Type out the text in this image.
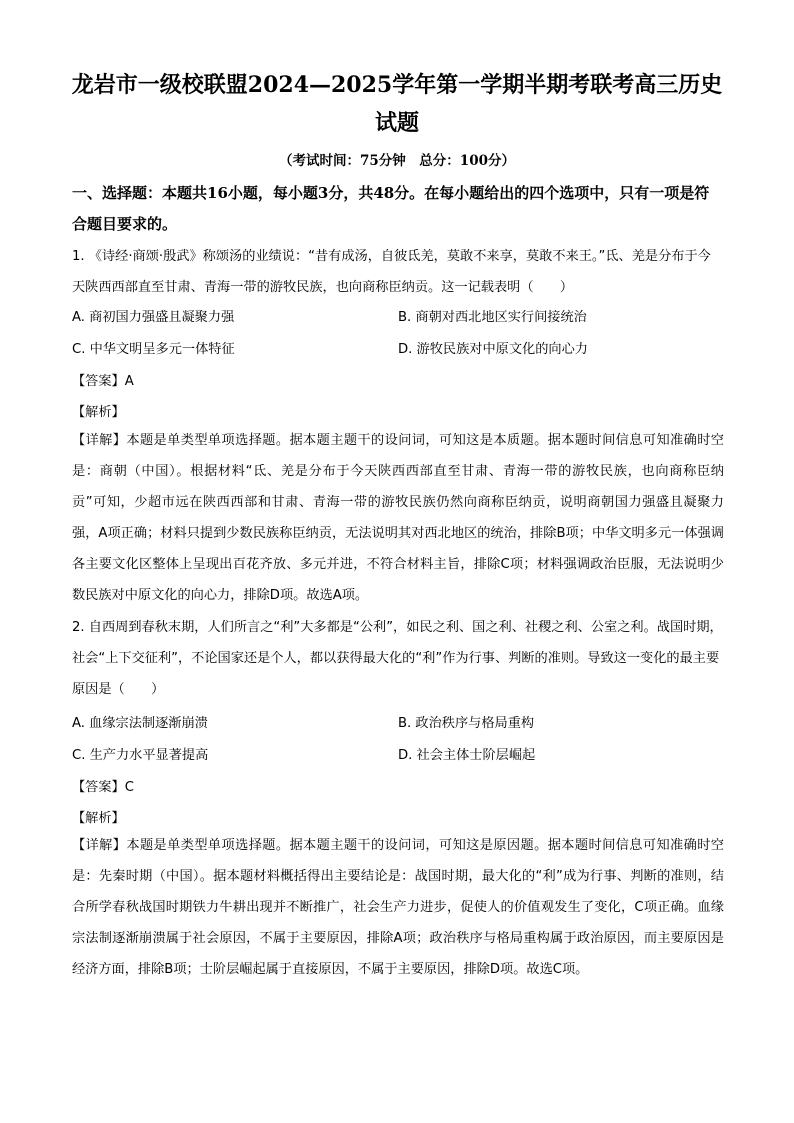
龙岩市一级校联盟2024—2025学年第一学期半期考联考高三历史试题
（考试时间：75分钟　总分：100分）
一、选择题：本题共16小题，每小题3分，共48分。在每小题给出的四个选项中，只有一项是符合题目要求的。
1. 《诗经·商颂·殷武》称颂汤的业绩说：“昔有成汤，自彼氐羌，莫敢不来享，莫敢不来王。”氐、羌是分布于今天陕西西部直至甘肃、青海一带的游牧民族，也向商称臣纳贡。这一记载表明（　　）
A. 商初国力强盛且凝聚力强	B. 商朝对西北地区实行间接统治
C. 中华文明呈多元一体特征	D. 游牧民族对中原文化的向心力
【答案】A
【解析】
【详解】本题是单类型单项选择题。据本题主题干的设问词，可知这是本质题。据本题时间信息可知准确时空是：商朝（中国）。根据材料“氐、羌是分布于今天陕西西部直至甘肃、青海一带的游牧民族，也向商称臣纳贡”可知，少超市远在陕西西部和甘肃、青海一带的游牧民族仍然向商称臣纳贡，说明商朝国力强盛且凝聚力强，A项正确；材料只提到少数民族称臣纳贡，无法说明其对西北地区的统治，排除B项；中华文明多元一体强调各主要文化区整体上呈现出百花齐放、多元并进，不符合材料主旨，排除C项；材料强调政治臣服，无法说明少数民族对中原文化的向心力，排除D项。故选A项。
2. 自西周到春秋末期，人们所言之“利”大多都是“公利”，如民之利、国之利、社稷之利、公室之利。战国时期，社会“上下交征利”，不论国家还是个人，都以获得最大化的“利”作为行事、判断的准则。导致这一变化的最主要原因是（　　）
A. 血缘宗法制逐渐崩溃	B. 政治秩序与格局重构
C. 生产力水平显著提高	D. 社会主体士阶层崛起
【答案】C
【解析】
【详解】本题是单类型单项选择题。据本题主题干的设问词，可知这是原因题。据本题时间信息可知准确时空是：先秦时期（中国）。据本题材料概括得出主要结论是：战国时期，最大化的“利”成为行事、判断的准则，结合所学春秋战国时期铁力牛耕出现并不断推广，社会生产力进步，促使人的价值观发生了变化，C项正确。血缘宗法制逐渐崩溃属于社会原因，不属于主要原因，排除A项；政治秩序与格局重构属于政治原因，而主要原因是经济方面，排除B项；士阶层崛起属于直接原因，不属于主要原因，排除D项。故选C项。
